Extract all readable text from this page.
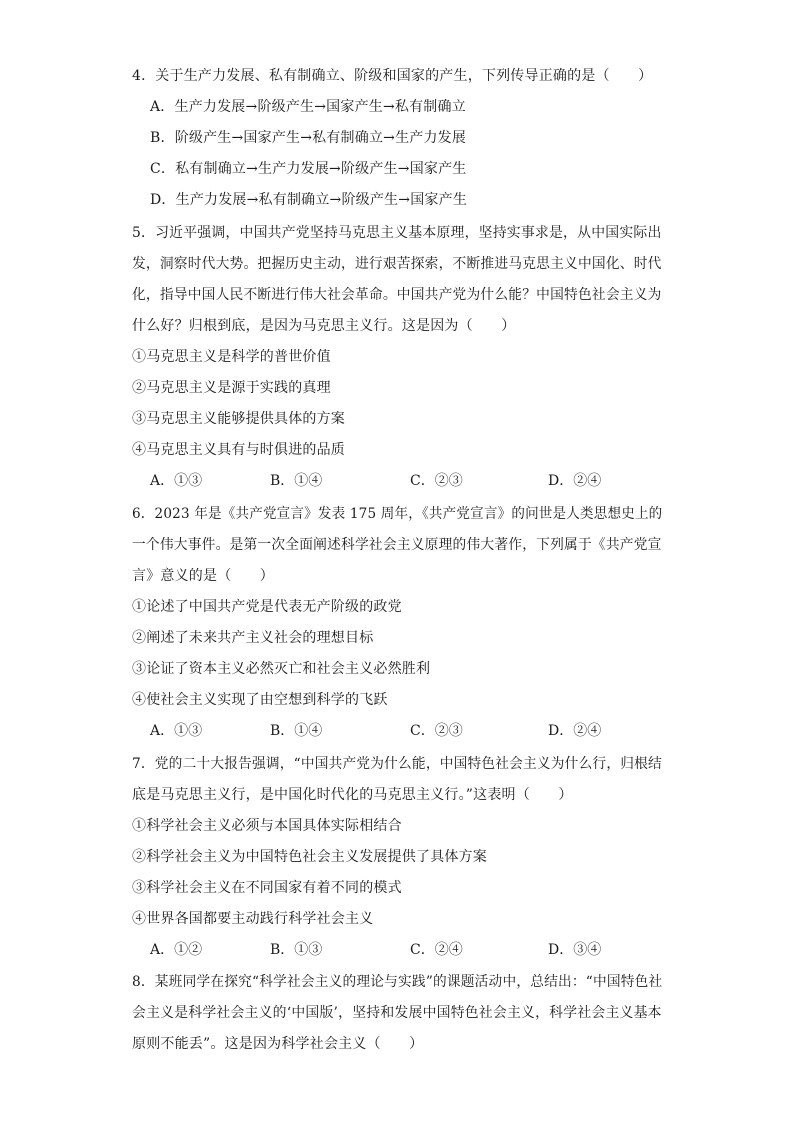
4．关于生产力发展、私有制确立、阶级和国家的产生，下列传导正确的是（　　）
A．生产力发展→阶级产生→国家产生→私有制确立
B．阶级产生→国家产生→私有制确立→生产力发展
C．私有制确立→生产力发展→阶级产生→国家产生
D．生产力发展→私有制确立→阶级产生→国家产生
5．习近平强调，中国共产党坚持马克思主义基本原理，坚持实事求是，从中国实际出
发，洞察时代大势。把握历史主动，进行艰苦探索，不断推进马克思主义中国化、时代
化，指导中国人民不断进行伟大社会革命。中国共产党为什么能？中国特色社会主义为
什么好？归根到底，是因为马克思主义行。这是因为（　　）
①马克思主义是科学的普世价值
②马克思主义是源于实践的真理
③马克思主义能够提供具体的方案
④马克思主义具有与时俱进的品质
A．①③	B．①④	C．②③	D．②④
6．2023 年是《共产党宣言》发表 175 周年，《共产党宣言》的问世是人类思想史上的
一个伟大事件。是第一次全面阐述科学社会主义原理的伟大著作，下列属于《共产党宣
言》意义的是（　　）
①论述了中国共产党是代表无产阶级的政党
②阐述了未来共产主义社会的理想目标
③论证了资本主义必然灭亡和社会主义必然胜利
④使社会主义实现了由空想到科学的飞跃
A．①③	B．①④	C．②③	D．②④
7．党的二十大报告强调，“中国共产党为什么能，中国特色社会主义为什么行，归根结
底是马克思主义行，是中国化时代化的马克思主义行。”这表明（　　）
①科学社会主义必须与本国具体实际相结合
②科学社会主义为中国特色社会主义发展提供了具体方案
③科学社会主义在不同国家有着不同的模式
④世界各国都要主动践行科学社会主义
A．①②	B．①③	C．②④	D．③④
8．某班同学在探究“科学社会主义的理论与实践”的课题活动中，总结出：“中国特色社
会主义是科学社会主义的‘中国版’，坚持和发展中国特色社会主义，科学社会主义基本
原则不能丢”。这是因为科学社会主义（　　）
